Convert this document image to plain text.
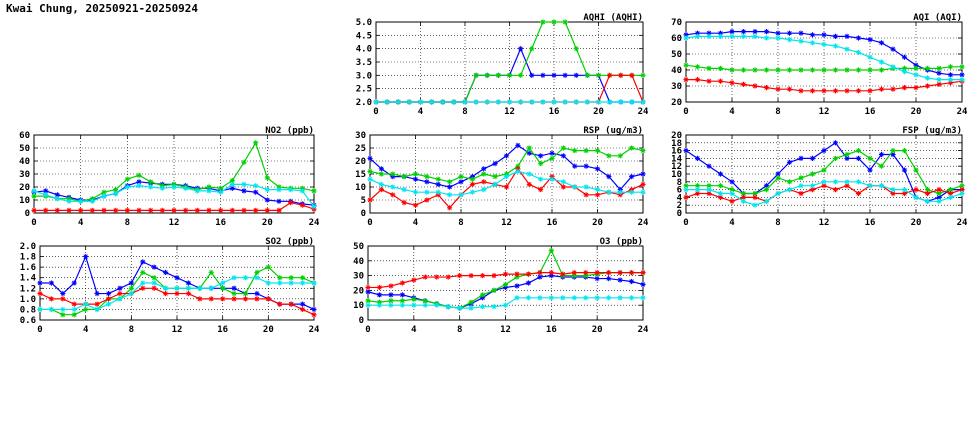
Kwai Chung, 20250921-20250924
2.0
2.5
3.0
3.5
4.0
4.5
5.0
0	4	8	12	16	20	24
AQHI (AQHI)
20
30
40
50
60
70
0	4	8	12	16	20	24
AQI (AQI)
0
10
20
30
40
50
60
0	4	8	12	16	20	24
NO2 (ppb)
0
5
10
15
20
25
30
0	4	8	12	16	20	24
RSP (ug/m3)
0
2
4
6
8
10
12
14
16
18
20
0	4	8	12	16	20	24
FSP (ug/m3)
0.6
0.8
1.0
1.2
1.4
1.6
1.8
2.0
0	4	8	12	16	20	24
SO2 (ppb)
0
10
20
30
40
50
0	4	8	12	16	20	24
O3 (ppb)
